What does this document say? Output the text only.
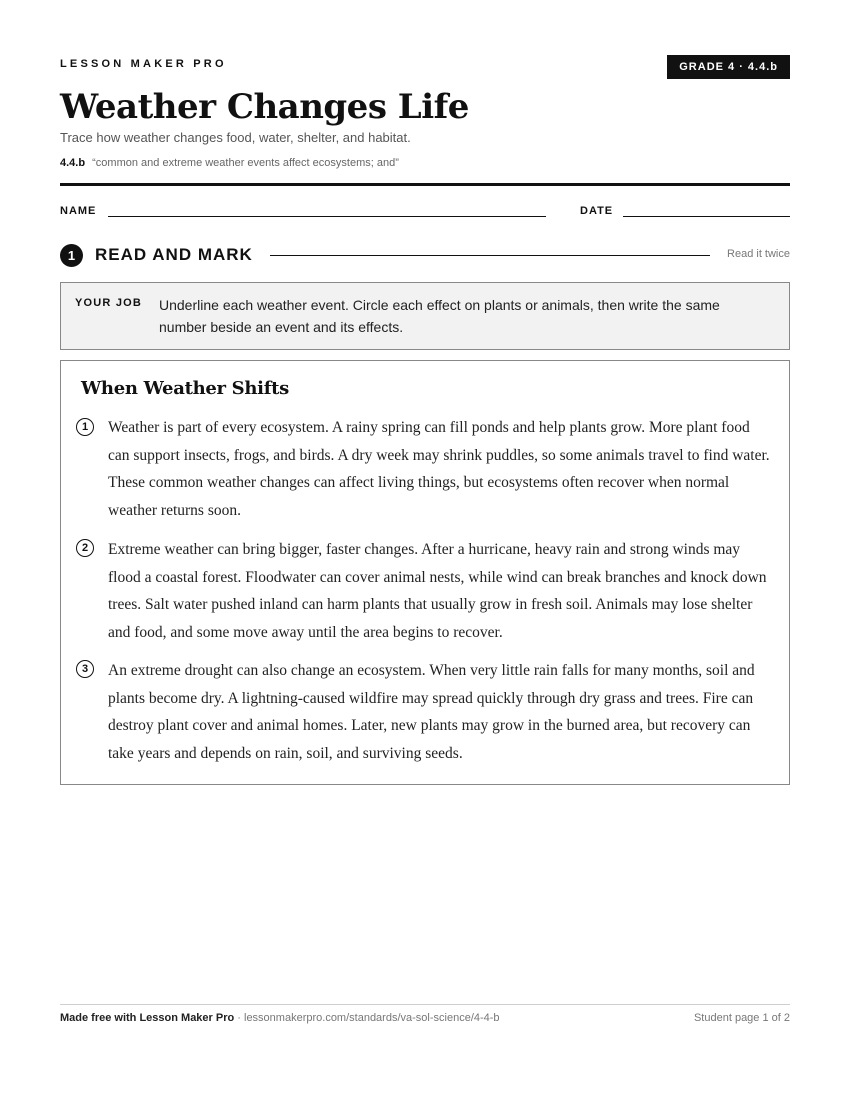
LESSON MAKER PRO	GRADE 4 · 4.4.b
Weather Changes Life
Trace how weather changes food, water, shelter, and habitat.
4.4.b “common and extreme weather events affect ecosystems; and”
NAME	DATE
1	READ AND MARK	Read it twice
YOUR JOB Underline each weather event. Circle each effect on plants or animals, then write the same number beside an event and its effects.
When Weather Shifts
1	Weather is part of every ecosystem. A rainy spring can fill ponds and help plants grow. More plant food can support insects, frogs, and birds. A dry week may shrink puddles, so some animals travel to find water. These common weather changes can affect living things, but ecosystems often recover when normal weather returns soon.

2	Extreme weather can bring bigger, faster changes. After a hurricane, heavy rain and strong winds may flood a coastal forest. Floodwater can cover animal nests, while wind can break branches and knock down trees. Salt water pushed inland can harm plants that usually grow in fresh soil. Animals may lose shelter and food, and some move away until the area begins to recover.

3	An extreme drought can also change an ecosystem. When very little rain falls for many months, soil and plants become dry. A lightning-caused wildfire may spread quickly through dry grass and trees. Fire can destroy plant cover and animal homes. Later, new plants may grow in the burned area, but recovery can take years and depends on rain, soil, and surviving seeds.

Made free with Lesson Maker Pro · lessonmakerpro.com/standards/va-sol-science/4-4-b	Student page 1 of 2
